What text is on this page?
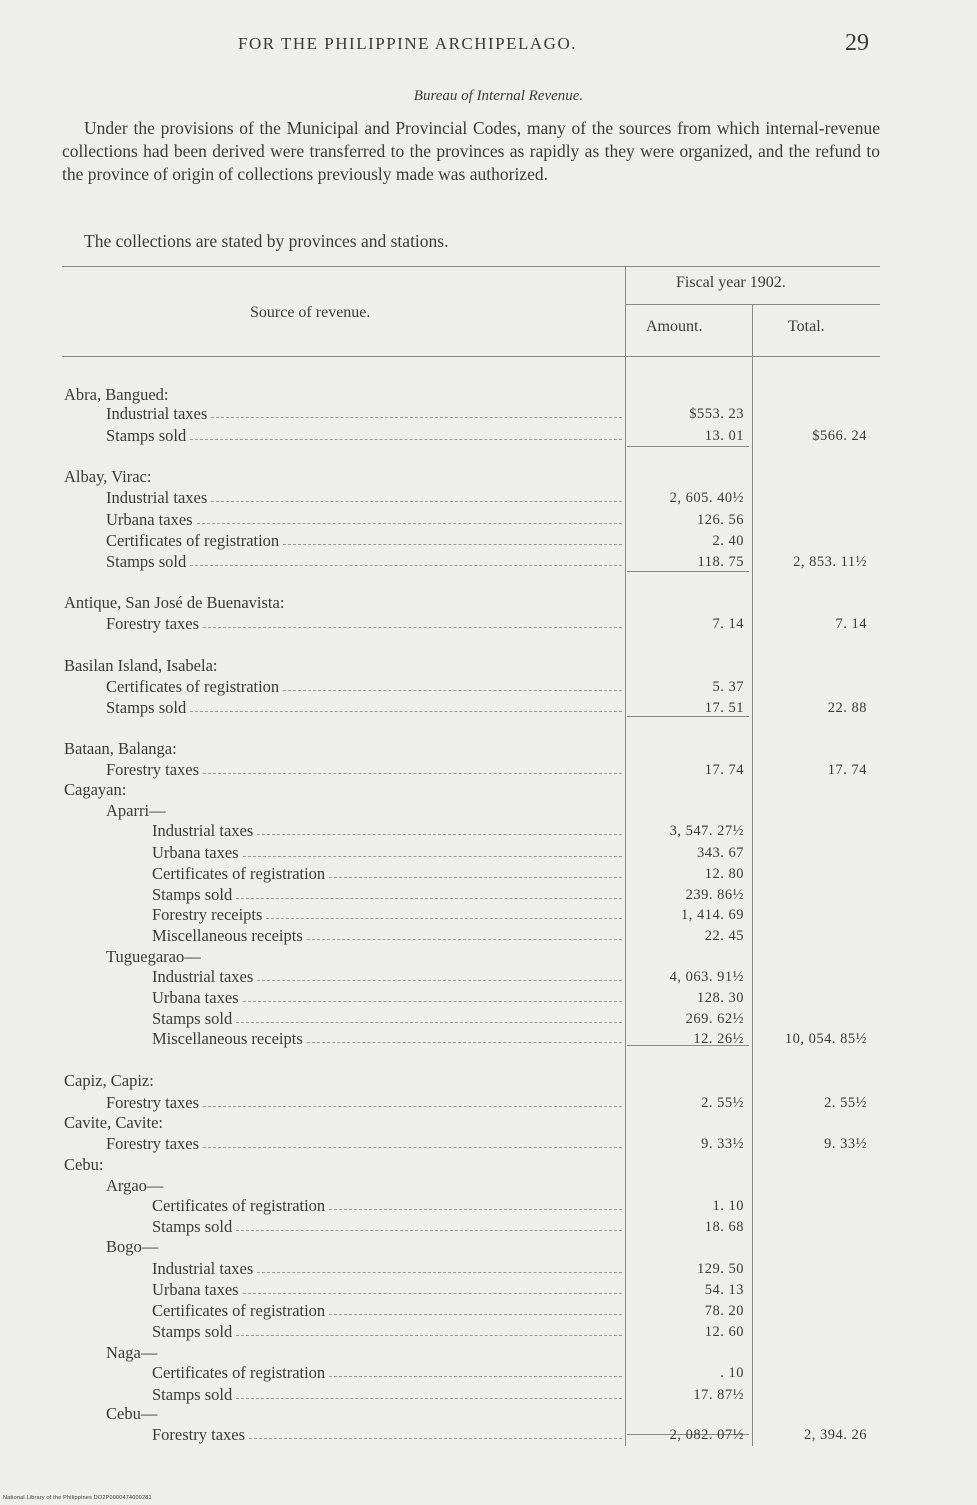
FOR THE PHILIPPINE ARCHIPELAGO.	29
Bureau of Internal Revenue.

Under the provisions of the Municipal and Provincial Codes, many of the sources from which internal-revenue collections had been derived were transferred to the provinces as rapidly as they were organized, and the refund to the province of origin of collections previously made was authorized.

The collections are stated by provinces and stations.

Source of revenue.
Fiscal year 1902.
Amount.	Total.
Abra, Bangued:
Industrial taxes	$553. 23
Stamps sold	13. 01	$566. 24
Albay, Virac:
Industrial taxes	2, 605. 40½
Urbana taxes	126. 56
Certificates of registration	2. 40
Stamps sold	118. 75	2, 853. 11½
Antique, San José de Buenavista:
Forestry taxes	7. 14	7. 14
Basilan Island, Isabela:
Certificates of registration	5. 37
Stamps sold	17. 51	22. 88
Bataan, Balanga:
Forestry taxes	17. 74	17. 74
Cagayan:
Aparri—
Industrial taxes	3, 547. 27½
Urbana taxes	343. 67
Certificates of registration	12. 80
Stamps sold	239. 86½
Forestry receipts	1, 414. 69
Miscellaneous receipts	22. 45
Tuguegarao—
Industrial taxes	4, 063. 91½
Urbana taxes	128. 30
Stamps sold	269. 62½
Miscellaneous receipts	12. 26½	10, 054. 85½
Capiz, Capiz:
Forestry taxes	2. 55½	2. 55½
Cavite, Cavite:
Forestry taxes	9. 33½	9. 33½
Cebu:
Argao—
Certificates of registration	1. 10
Stamps sold	18. 68
Bogo—
Industrial taxes	129. 50
Urbana taxes	54. 13
Certificates of registration	78. 20
Stamps sold	12. 60
Naga—
Certificates of registration	. 10
Stamps sold	17. 87½
Cebu—
Forestry taxes	2, 082. 07½	2, 394. 26
National Library of the Philippines DO2P0000474000281
